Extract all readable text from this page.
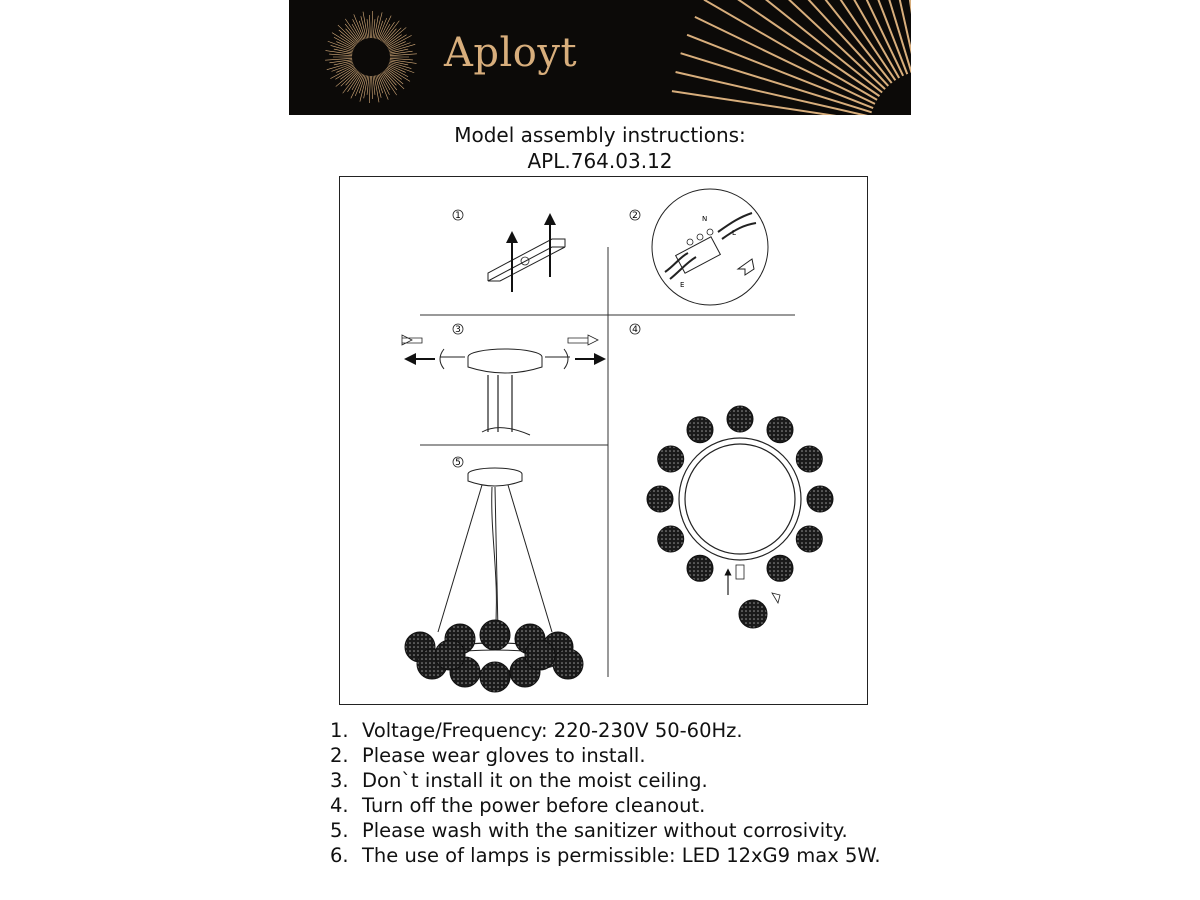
Aployt
Model assembly instructions:
APL.764.03.12
1	2	N
L
E
3	4
5
1. Voltage/Frequency: 220-230V 50-60Hz.
2. Please wear gloves to install.
3. Don`t install it on the moist ceiling.
4. Turn off the power before cleanout.
5. Please wash with the sanitizer without corrosivity.
6. The use of lamps is permissible: LED 12xG9 max 5W.
